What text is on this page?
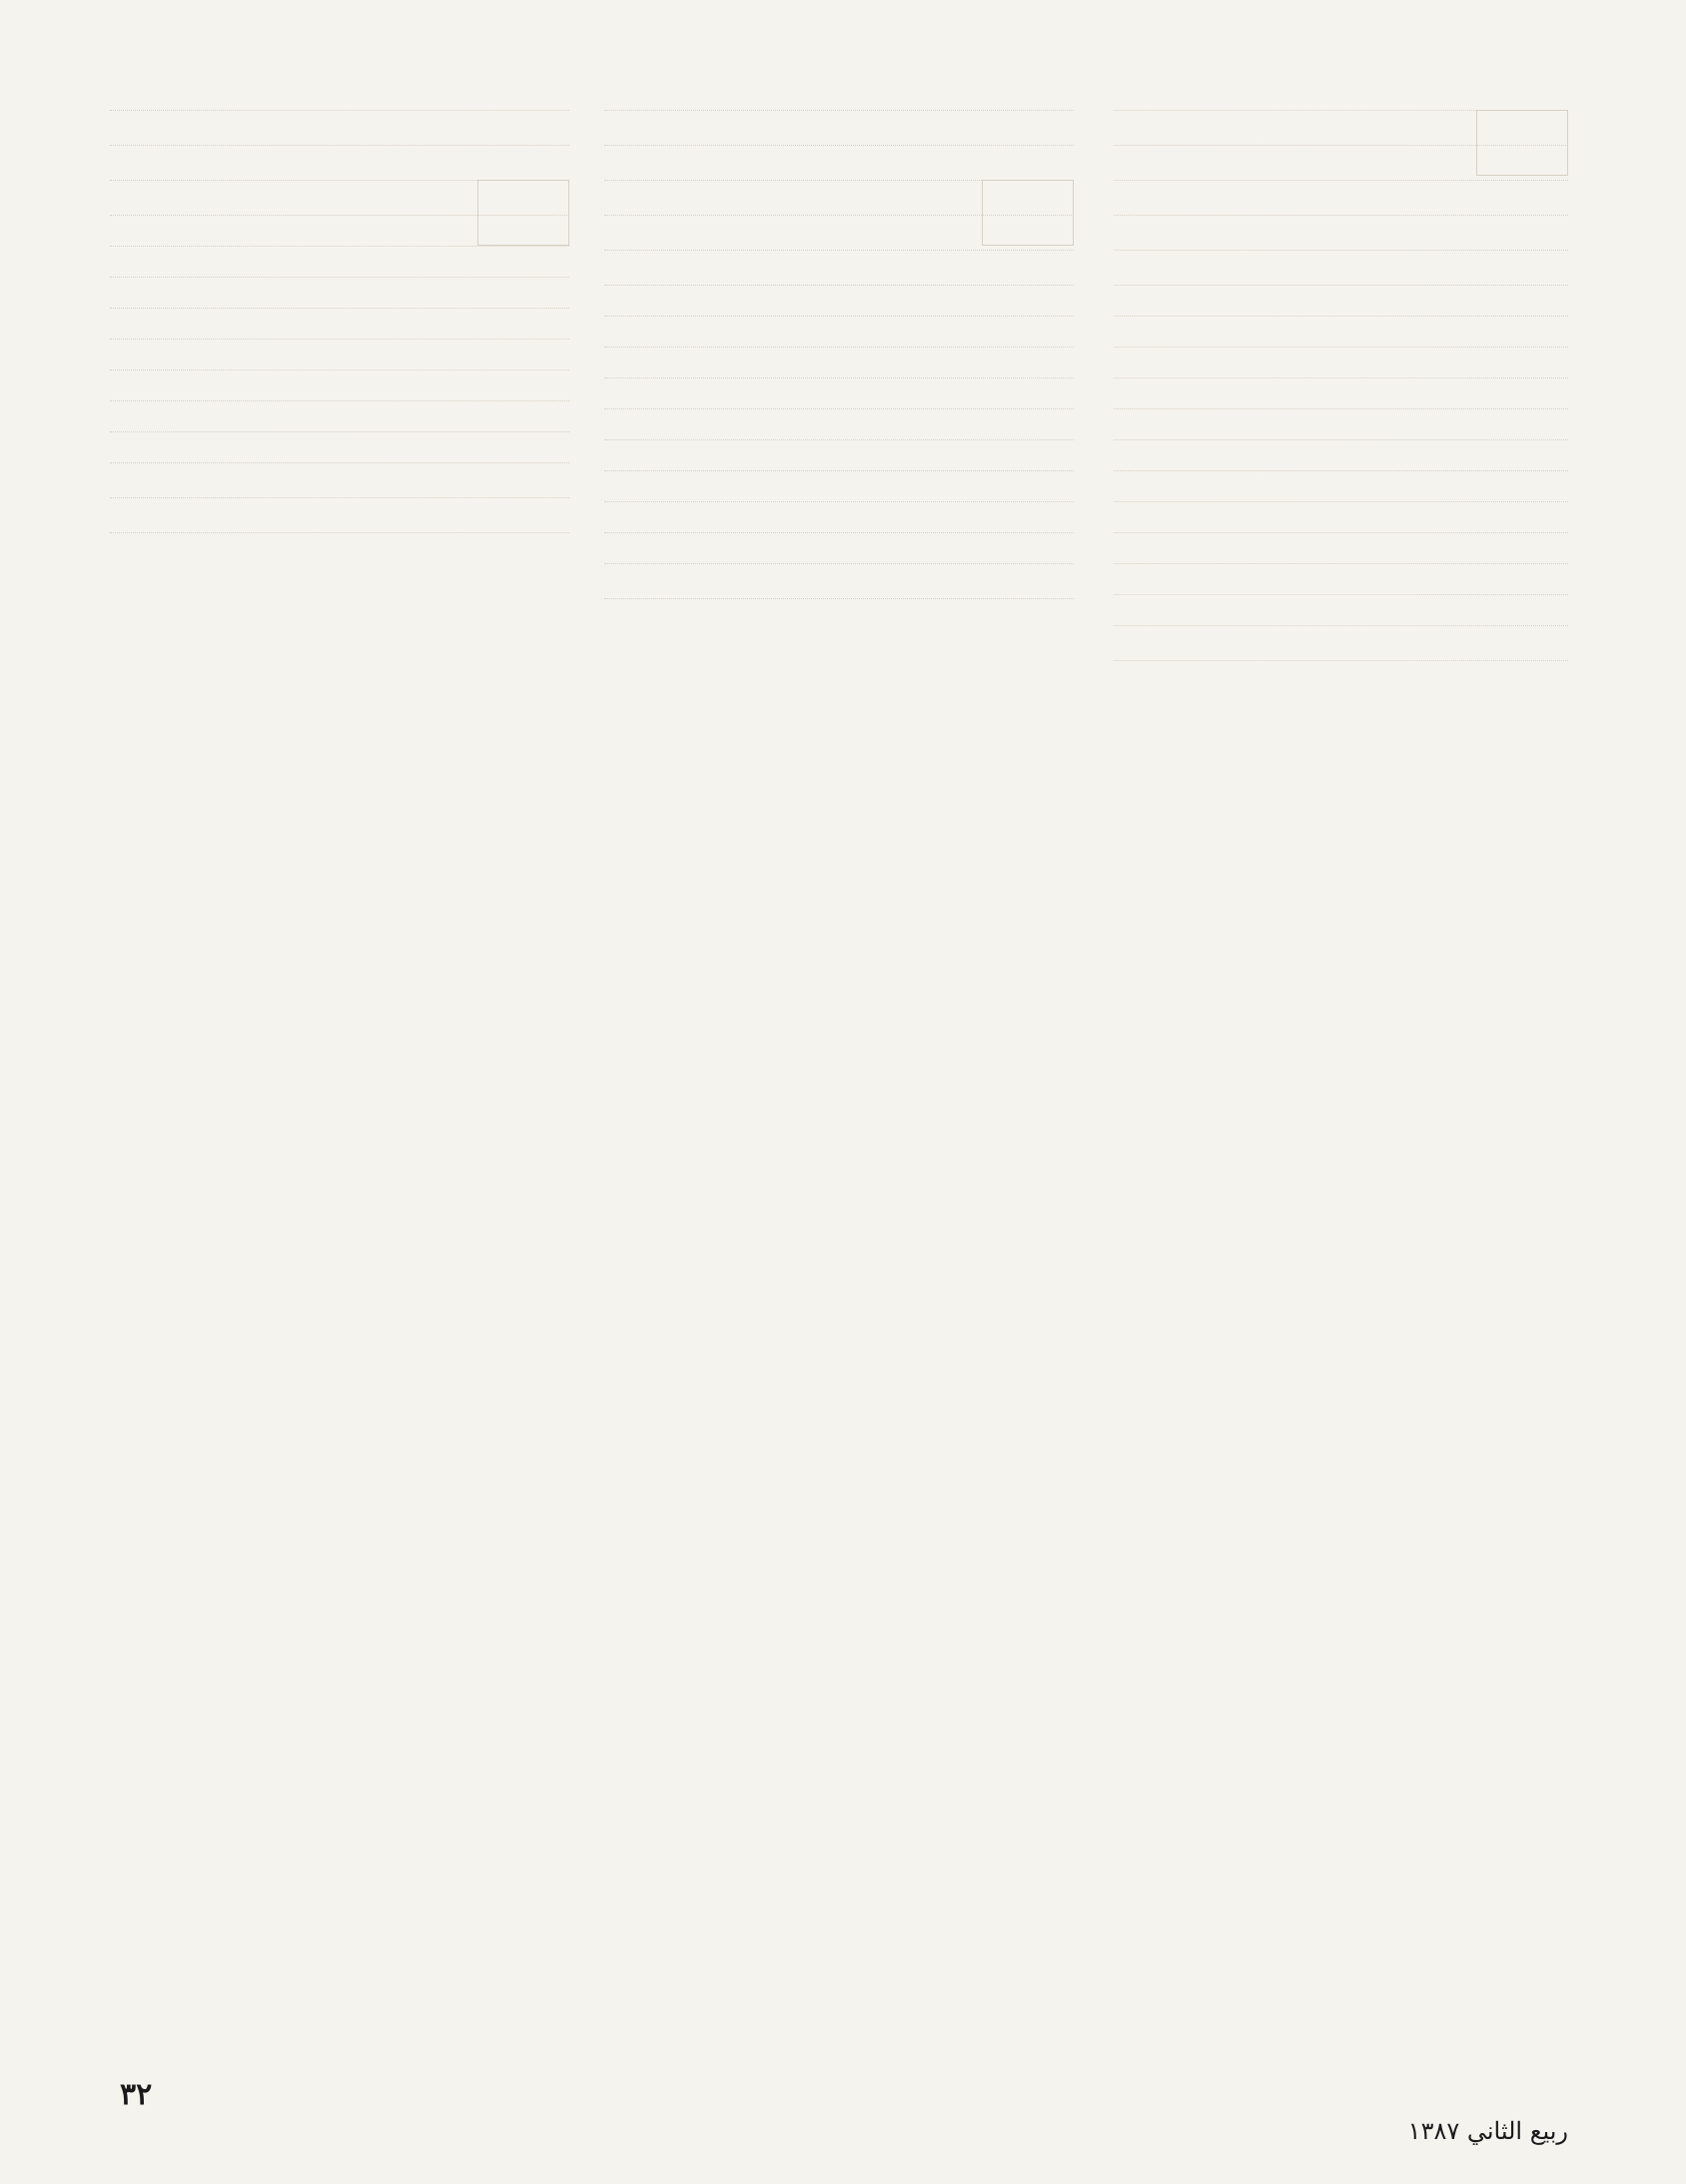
٣٢
ربيع الثاني ١٣٨٧
